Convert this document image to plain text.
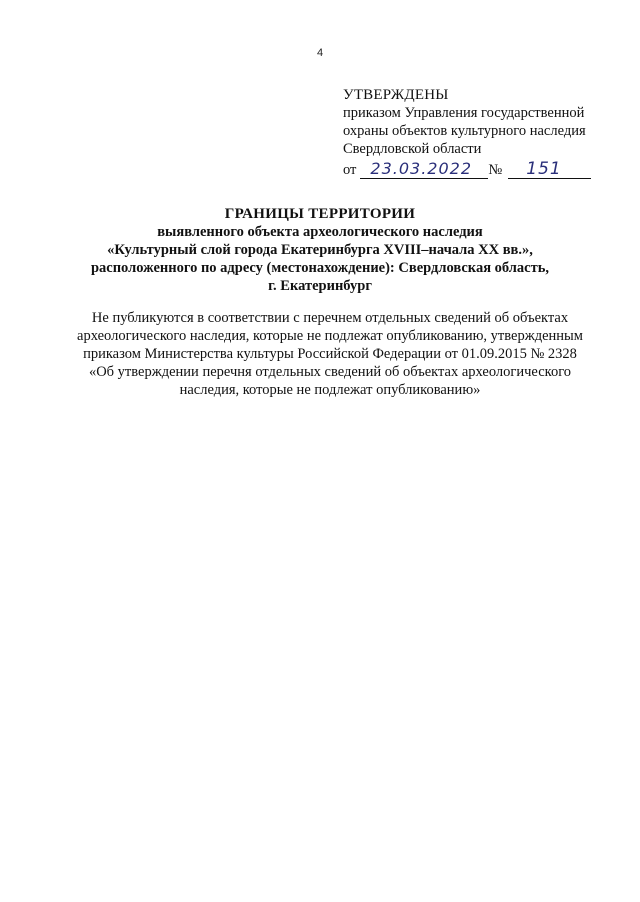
4
УТВЕРЖДЕНЫ
приказом Управления государственной
охраны объектов культурного наследия
Свердловской области
от 23.03.2022 № 151
ГРАНИЦЫ ТЕРРИТОРИИ
выявленного объекта археологического наследия
«Культурный слой города Екатеринбурга XVIII–начала XX вв.»,
расположенного по адресу (местонахождение): Свердловская область,
г. Екатеринбург
Не публикуются в соответствии с перечнем отдельных сведений об объектах
археологического наследия, которые не подлежат опубликованию, утвержденным
приказом Министерства культуры Российской Федерации от 01.09.2015 № 2328
«Об утверждении перечня отдельных сведений об объектах археологического
наследия, которые не подлежат опубликованию»
